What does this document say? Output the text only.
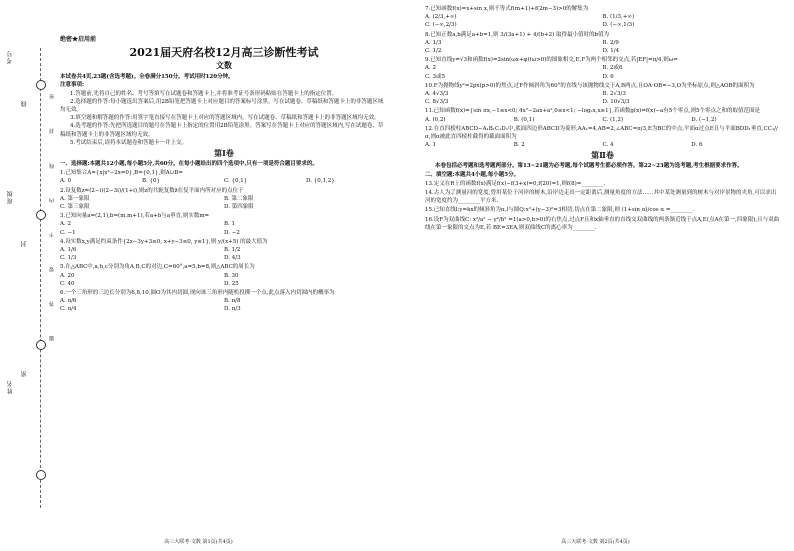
考号
班级
姓名
线
封
密
题 答 要 不 内 线 封 密
绝密★启用前
2021届天府名校12月高三诊断性考试
文数
本试卷共4页,23题(含选考题)。全卷满分150分。考试用时120分钟。
注意事项:
1.答题前,先将自己的姓名、考号等填写在试题卷和答题卡上,并将准考证号条形码粘贴在答题卡上的指定位置。
2.选择题的作答:每小题选出答案后,用2B铅笔把答题卡上对应题目的答案标号涂黑。写在试题卷、草稿纸和答题卡上的非答题区域均无效。
3.填空题和解答题的作答:用签字笔直接写在答题卡上对应的答题区域内。写在试题卷、草稿纸和答题卡上的非答题区域均无效。
4.选考题的作答:先把所选题目的题号在答题卡上指定的位置用2B铅笔涂黑。答案写在答题卡上对应的答题区域内,写在试题卷、草稿纸和答题卡上的非答题区域均无效。
5.考试结束后,请将本试题卷和答题卡一并上交。
第Ⅰ卷
一、选择题:本题共12小题,每小题5分,共60分。在每小题给出的四个选项中,只有一项是符合题目要求的。
1.已知集合A={x|x²−2x=0},B={0,1},则A∪B=
A. 0	B. {0}	C. {0,1}	D. {0,1,2}
2.设复数z=(2−i)(2−3i)/(1+i),则z的共轭复数z̄在复平面内所对应的点位于
A. 第一象限	B. 第二象限
C. 第三象限	D. 第四象限
3.已知向量a=(2,1),b=(m,m+1),若a+b与a垂直,则实数m=
A. 2	B. 1
C. −1	D. −2
4.设实数x,y满足约束条件{2x−3y+3≥0, x+y−3≤0, y≥1},则 y/(x+5) 的最大值为
A. 1/6	B. 1/2
C. 1/3	D. 4/3
5.在△ABC中,a,b,c分别为角A,B,C的对边,C=60°,a=5,b=8,则△ABC的周长为
A. 20	B. 30
C. 40	D. 25
6.一个三角形的三边长分别为6,8,10,圆O为其内切圆,现向该三角形内随机投掷一个点,此点落入内切圆内的概率为
A. π/6	B. π/8
C. π/4	D. π/3
高三大联考·文数 第1页(共4页)
7.已知函数f(x)=x+sin x,则不等式f(m+1)+f(2m−3)>0的解集为
A. (2/3,+∞)	B. (1/3,+∞)
C. (−∞,2/3)	D. (−∞,1/3)
8.已知正数a,b满足a+b=1,则 3/(3a+1) + 4/(b+2) 取得最小值时的b值为
A. 1/3	B. 2/9
C. 1/2	D. 1/4
9.已知直线y=√3和函数f(x)=2sin(ωx+φ)(ω>0)的图象相交,E,F为两个相邻的交点,若|EF|=π/4,则ω=
A. 2	B. 2或6
C. 3或5	D. 6
10.F为抛物线y²=2px(p>0)的焦点,过F作倾斜角为60°的直线与该抛物线交于A,B两点,且OA·OB=−3,O为坐标原点,则△AOB的面积为
A. 4√3/3	B. 2√3/3
C. 8√3/3	D. 10√3/3
11.已知函数f(x)={sin πx,−1≤x<0; 4x²−2ax+a²,0≤x<1; −log₂x,x≥1},若函数g(x)=f(x)−a有5个零点,则5个零点之和的取值范围是
A. (0,2)	B. (0,1)	C. (1,2)	D. (−1,2)
12.在直四棱柱ABCD−A₁B₁C₁D₁中,底面四边形ABCD为菱形,AA₁=4,AB=2,∠ABC=π/3,E为BC的中点,平面α过点E且与平面BDD₁垂直,CC₁//α,则α被此直四棱柱截得的截面面积为
A. 1	B. 2	C. 4	D. 6
第Ⅱ卷
本卷包括必考题和选考题两部分。第13~21题为必考题,每个试题考生都必须作答。第22~23题为选考题,考生根据要求作答。
二、填空题:本题共4小题,每小题5分。
13.定义在R上的函数f(x)满足f(x)−f(3+x)=0,f(20)=1,则f(8)=________.
14.古人为了测量河的宽度,曾用某位于河岸的树木,沿岸边走出一定距离后,测量角度的方法……其中某处测量到的树木与对岸景物的夹角,可以求出河的宽度约为________平方米.
15.已知直线l:y=kx的倾斜角为α,l与圆Q:x²+(y−3)²=3相切,切点在第二象限,则 (1+sin α)/cos α =________.
16.设F为双曲线C: x²/a² − y²/b² =1(a>0,b>0)的右焦点,过点F且和x轴垂直的直线交双曲线的两条渐近线于点A,E(点A在第一,四象限),且与双曲线在第一象限的交点为E,若 BE=3EA,则双曲线C的离心率为________.
高三大联考·文数 第2页(共4页)
